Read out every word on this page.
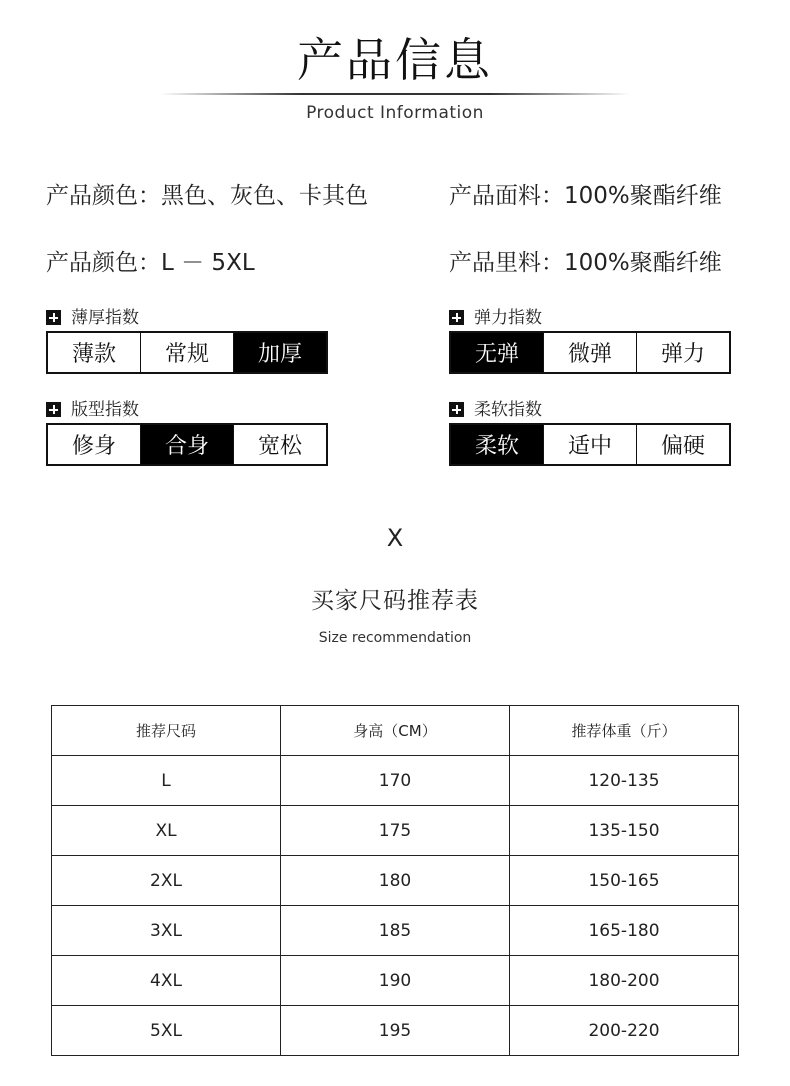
产品信息
Product Information
产品颜色：黑色、灰色、卡其色	产品面料：100%聚酯纤维
产品颜色：L － 5XL	产品里料：100%聚酯纤维
薄厚指数
薄款	常规	加厚
弹力指数
无弹	微弹	弹力
版型指数
修身	合身	宽松
柔软指数
柔软	适中	偏硬
X
买家尺码推荐表
Size recommendation
推荐尺码	身高（CM）	推荐体重（斤）
L	170	120-135
XL	175	135-150
2XL	180	150-165
3XL	185	165-180
4XL	190	180-200
5XL	195	200-220
